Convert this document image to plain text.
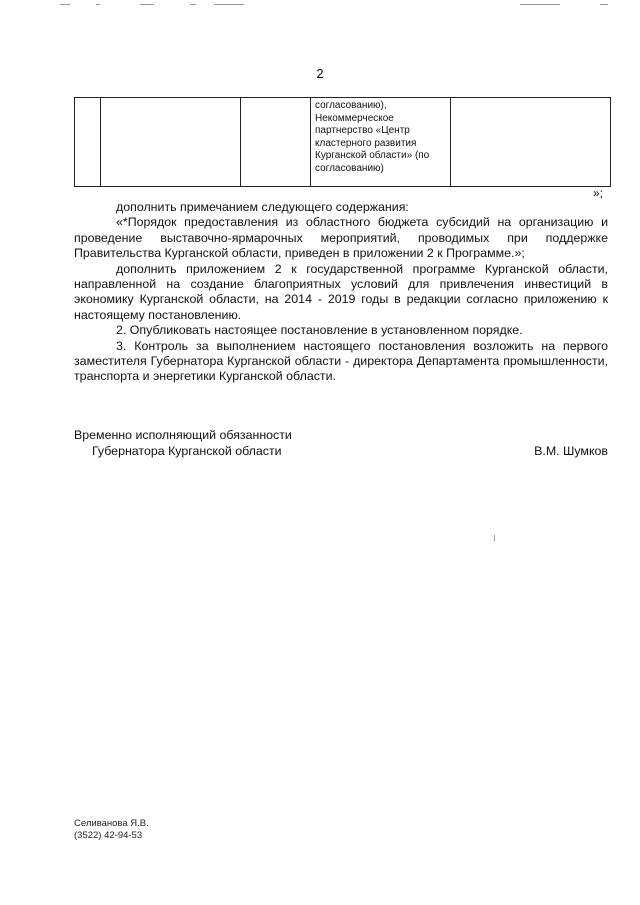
2
			согласованию),
Некоммерческое
партнерство «Центр
кластерного развития
Курганской области» (по
согласованию)	
»;

дополнить примечанием следующего содержания:

«*Порядок предоставления из областного бюджета субсидий на организацию и проведение выставочно-ярмарочных мероприятий, проводимых при поддержке Правительства Курганской области, приведен в приложении 2 к Программе.»;

дополнить приложением 2 к государственной программе Курганской области, направленной на создание благоприятных условий для привлечения инвестиций в экономику Курганской области, на 2014 - 2019 годы в редакции согласно приложению к настоящему постановлению.

2. Опубликовать настоящее постановление в установленном порядке.

3. Контроль за выполнением настоящего постановления возложить на первого заместителя Губернатора Курганской области - директора Департамента промышленности, транспорта и энергетики Курганской области.

Временно исполняющий обязанности
Губернатора Курганской области	В.М. Шумков
Селиванова Я.В.
(3522) 42-94-53
